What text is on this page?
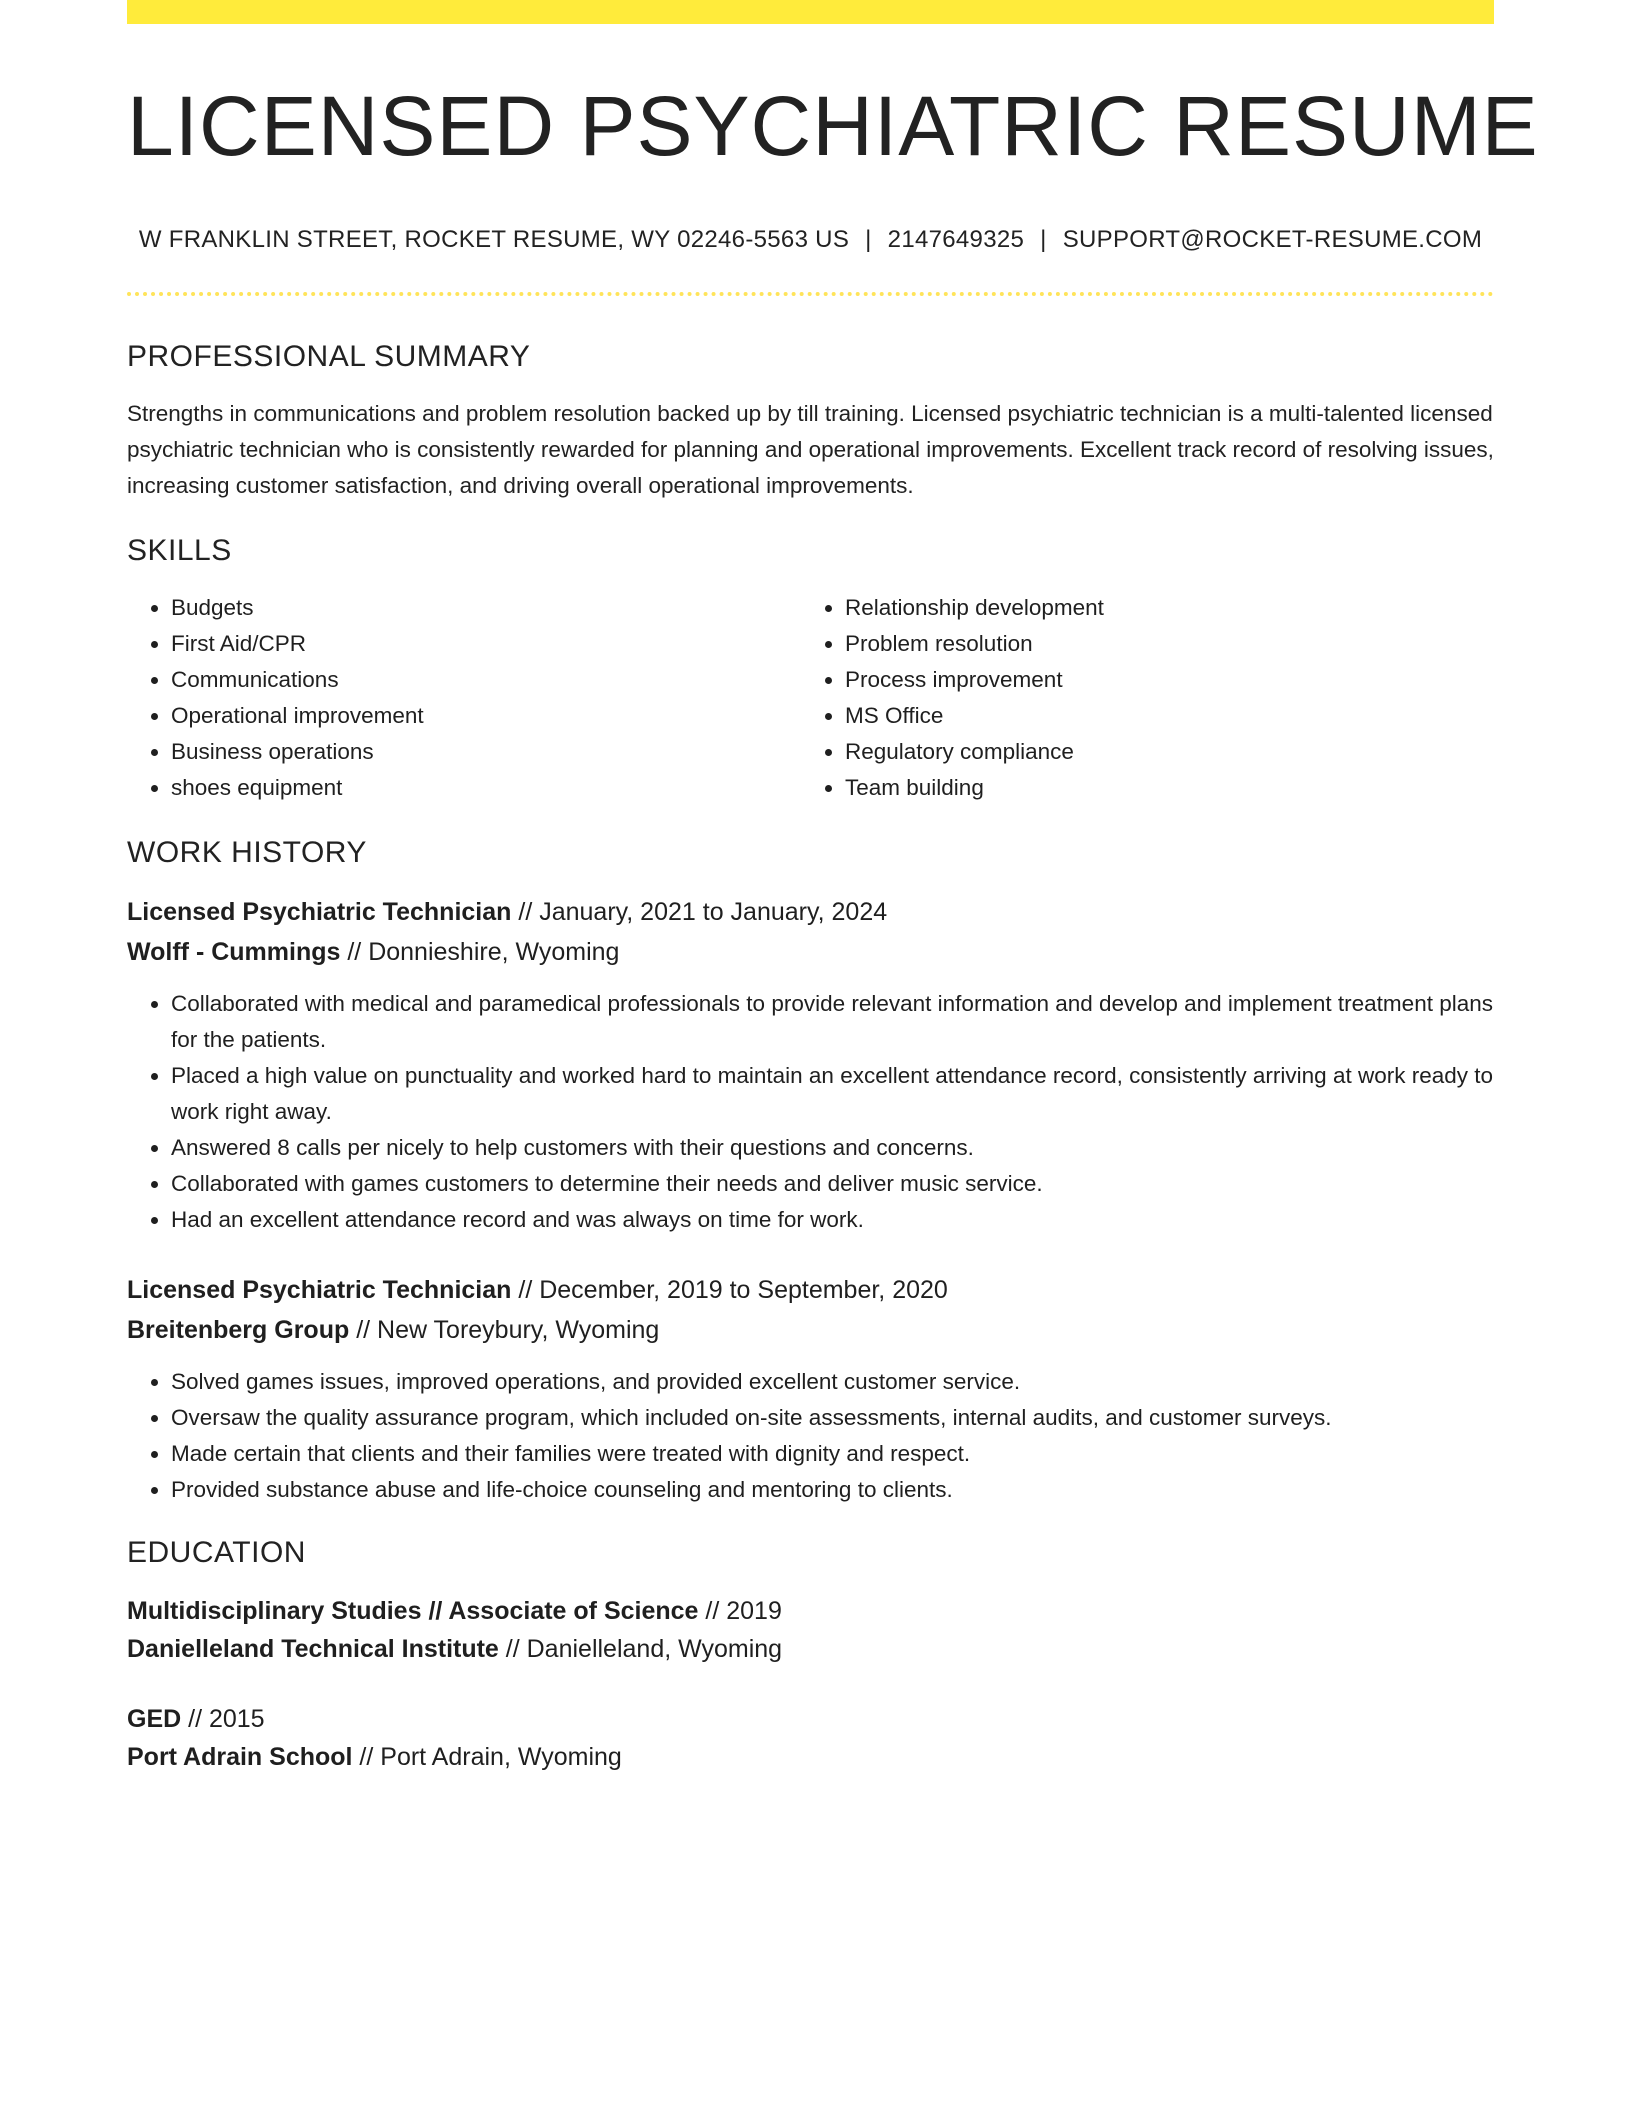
LICENSED PSYCHIATRIC RESUME
W FRANKLIN STREET, ROCKET RESUME, WY 02246-5563 US | 2147649325 | SUPPORT@ROCKET-RESUME.COM
PROFESSIONAL SUMMARY

Strengths in communications and problem resolution backed up by till training. Licensed psychiatric technician is a multi-talented licensed psychiatric technician who is consistently rewarded for planning and operational improvements. Excellent track record of resolving issues, increasing customer satisfaction, and driving overall operational improvements.

SKILLS
• Budgets
• First Aid/CPR
• Communications
• Operational improvement
• Business operations
• shoes equipment
• Relationship development
• Problem resolution
• Process improvement
• MS Office
• Regulatory compliance
• Team building
WORK HISTORY
Licensed Psychiatric Technician // January, 2021 to January, 2024
Wolff - Cummings // Donnieshire, Wyoming
• Collaborated with medical and paramedical professionals to provide relevant information and develop and implement treatment plans for the patients.
• Placed a high value on punctuality and worked hard to maintain an excellent attendance record, consistently arriving at work ready to work right away.
• Answered 8 calls per nicely to help customers with their questions and concerns.
• Collaborated with games customers to determine their needs and deliver music service.
• Had an excellent attendance record and was always on time for work.
Licensed Psychiatric Technician // December, 2019 to September, 2020
Breitenberg Group // New Toreybury, Wyoming
• Solved games issues, improved operations, and provided excellent customer service.
• Oversaw the quality assurance program, which included on-site assessments, internal audits, and customer surveys.
• Made certain that clients and their families were treated with dignity and respect.
• Provided substance abuse and life-choice counseling and mentoring to clients.
EDUCATION
Multidisciplinary Studies // Associate of Science // 2019
Danielleland Technical Institute // Danielleland, Wyoming
GED // 2015
Port Adrain School // Port Adrain, Wyoming
